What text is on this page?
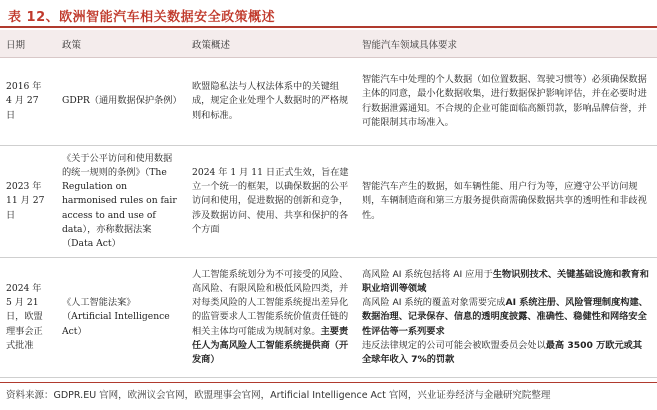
表 12、欧洲智能汽车相关数据安全政策概述
日期	政策	政策概述	智能汽车领域具体要求
2016 年 4 月 27 日	GDPR（通用数据保护条例）	欧盟隐私法与人权法体系中的关键组成，规定企业处理个人数据时的严格规则和标准。	智能汽车中处理的个人数据（如位置数据、驾驶习惯等）必须确保数据主体的同意，最小化数据收集，进行数据保护影响评估，并在必要时进行数据泄露通知。不合规的企业可能面临高额罚款，影响品牌信誉，并可能限制其市场准入。
2023 年 11 月 27 日	《关于公平访问和使用数据的统一规则的条例》（The Regulation on harmonised rules on fair access to and use of data），亦称数据法案（Data Act）	2024 年 1 月 11 日正式生效，旨在建立一个统一的框架，以确保数据的公平访问和使用，促进数据的创新和竞争，涉及数据访问、使用、共享和保护的各个方面	智能汽车产生的数据，如车辆性能、用户行为等，应遵守公平访问规则，车辆制造商和第三方服务提供商需确保数据共享的透明性和非歧视性。
2024 年 5 月 21 日，欧盟理事会正式批准	《人工智能法案》（Artificial Intelligence Act）	人工智能系统划分为不可接受的风险、高风险、有限风险和极低风险四类，并对每类风险的人工智能系统提出差异化的监管要求人工智能系统价值责任链的相关主体均可能成为规制对象。主要责任人为高风险人工智能系统提供商（开发商）	高风险 AI 系统包括将 AI 应用于生物识别技术、关键基础设施和教育和职业培训等领域
高风险 AI 系统的覆盖对象需要完成AI 系统注册、风险管理制度构建、数据治理、记录保存、信息的透明度披露、准确性、稳健性和网络安全性评估等一系列要求
违反法律规定的公司可能会被欧盟委员会处以最高 3500 万欧元或其全球年收入 7%的罚款
资料来源：GDPR.EU 官网，欧洲议会官网，欧盟理事会官网，Artificial Intelligence Act 官网，兴业证券经济与金融研究院整理
